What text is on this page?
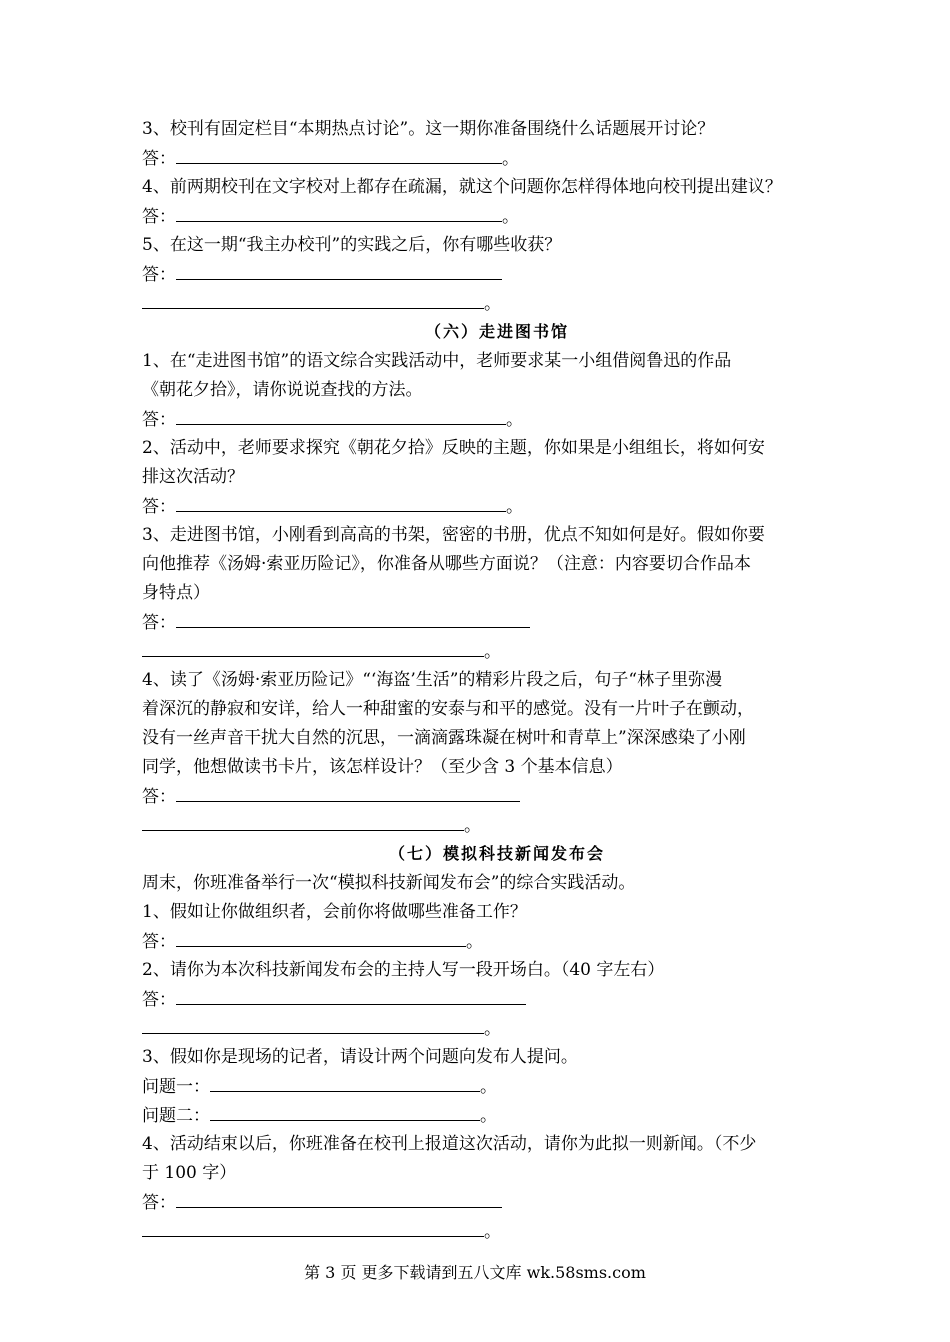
3、校刊有固定栏目“本期热点讨论”。这一期你准备围绕什么话题展开讨论？
答：	。
4、前两期校刊在文字校对上都存在疏漏，就这个问题你怎样得体地向校刊提出建议？
答：	。
5、在这一期“我主办校刊”的实践之后，你有哪些收获？
答：
。
（六）走进图书馆
1、在“走进图书馆”的语文综合实践活动中，老师要求某一小组借阅鲁迅的作品
《朝花夕拾》，请你说说查找的方法。
答：	。
2、活动中，老师要求探究《朝花夕拾》反映的主题，你如果是小组组长，将如何安
排这次活动？
答：	。
3、走进图书馆，小刚看到高高的书架，密密的书册，优点不知如何是好。假如你要
向他推荐《汤姆·索亚历险记》，你准备从哪些方面说？（注意：内容要切合作品本
身特点）
答：
。
4、读了《汤姆·索亚历险记》“‘海盗’生活”的精彩片段之后，句子“林子里弥漫
着深沉的静寂和安详，给人一种甜蜜的安泰与和平的感觉。没有一片叶子在颤动，
没有一丝声音干扰大自然的沉思，一滴滴露珠凝在树叶和青草上”深深感染了小刚
同学，他想做读书卡片，该怎样设计？（至少含 3 个基本信息）
答：
。
（七）模拟科技新闻发布会
周末，你班准备举行一次“模拟科技新闻发布会”的综合实践活动。
1、假如让你做组织者，会前你将做哪些准备工作？
答：	。
2、请你为本次科技新闻发布会的主持人写一段开场白。（40 字左右）
答：
。
3、假如你是现场的记者，请设计两个问题向发布人提问。
问题一：	。
问题二：	。
4、活动结束以后，你班准备在校刊上报道这次活动，请你为此拟一则新闻。（不少
于 100 字）
答：
。
第 3 页 更多下载请到五八文库 wk.58sms.com
